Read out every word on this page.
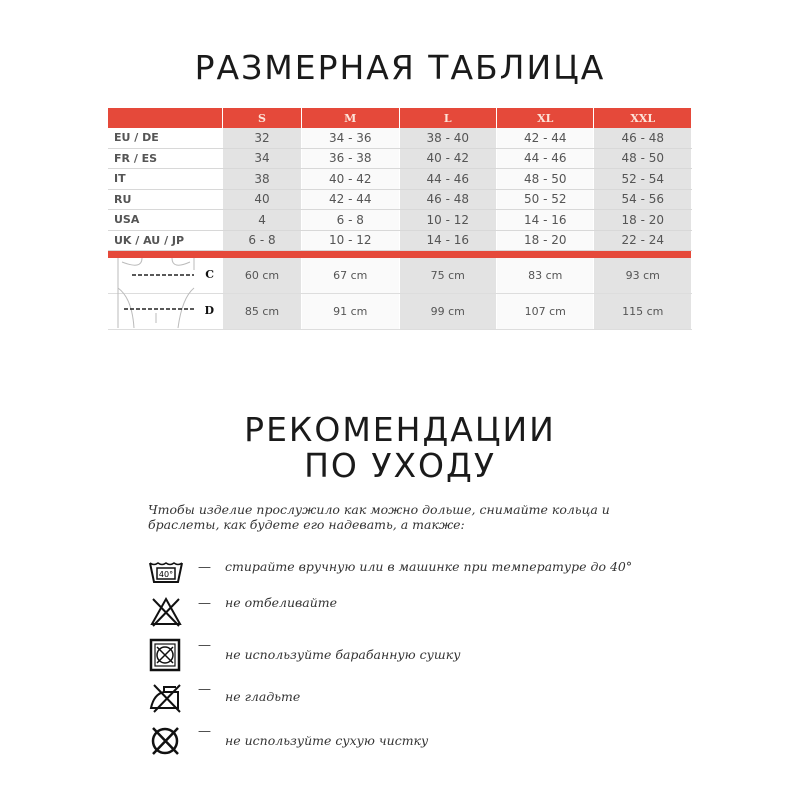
РАЗМЕРНАЯ ТАБЛИЦА
	S	M	L	XL	XXL
EU / DE	32	34 - 36	38 - 40	42 - 44	46 - 48
FR / ES	34	36 - 38	40 - 42	44 - 46	48 - 50
IT	38	40 - 42	44 - 46	48 - 50	52 - 54
RU	40	42 - 44	46 - 48	50 - 52	54 - 56
USA	4	6 - 8	10 - 12	14 - 16	18 - 20
UK / AU / JP	6 - 8	10 - 12	14 - 16	18 - 20	22 - 24

C	60 cm	67 cm	75 cm	83 cm	93 cm

D	85 cm	91 cm	99 cm	107 cm	115 cm
РЕКОМЕНДАЦИИ
ПО УХОДУ
Чтобы изделие прослужило как можно дольше, снимайте кольца и браслеты, как будете его надевать, а также:
40° — стирайте вручную или в машинке при температуре до 40°
— не отбеливайте
—
не используйте барабанную сушку
— не гладьте
—
не используйте сухую чистку
